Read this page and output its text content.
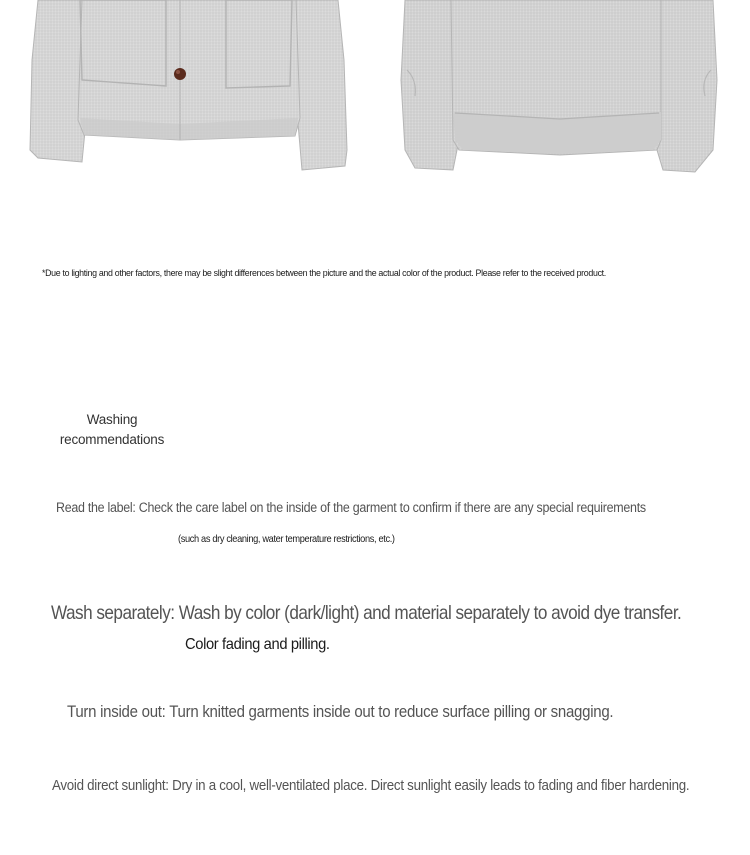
*Due to lighting and other factors, there may be slight differences between the picture and the actual color of the product. Please refer to the received product.
Washing
recommendations
Read the label: Check the care label on the inside of the garment to confirm if there are any special requirements
(such as dry cleaning, water temperature restrictions, etc.)
Wash separately: Wash by color (dark/light) and material separately to avoid dye transfer.
Color fading and pilling.
Turn inside out: Turn knitted garments inside out to reduce surface pilling or snagging.
Avoid direct sunlight: Dry in a cool, well-ventilated place. Direct sunlight easily leads to fading and fiber hardening.
